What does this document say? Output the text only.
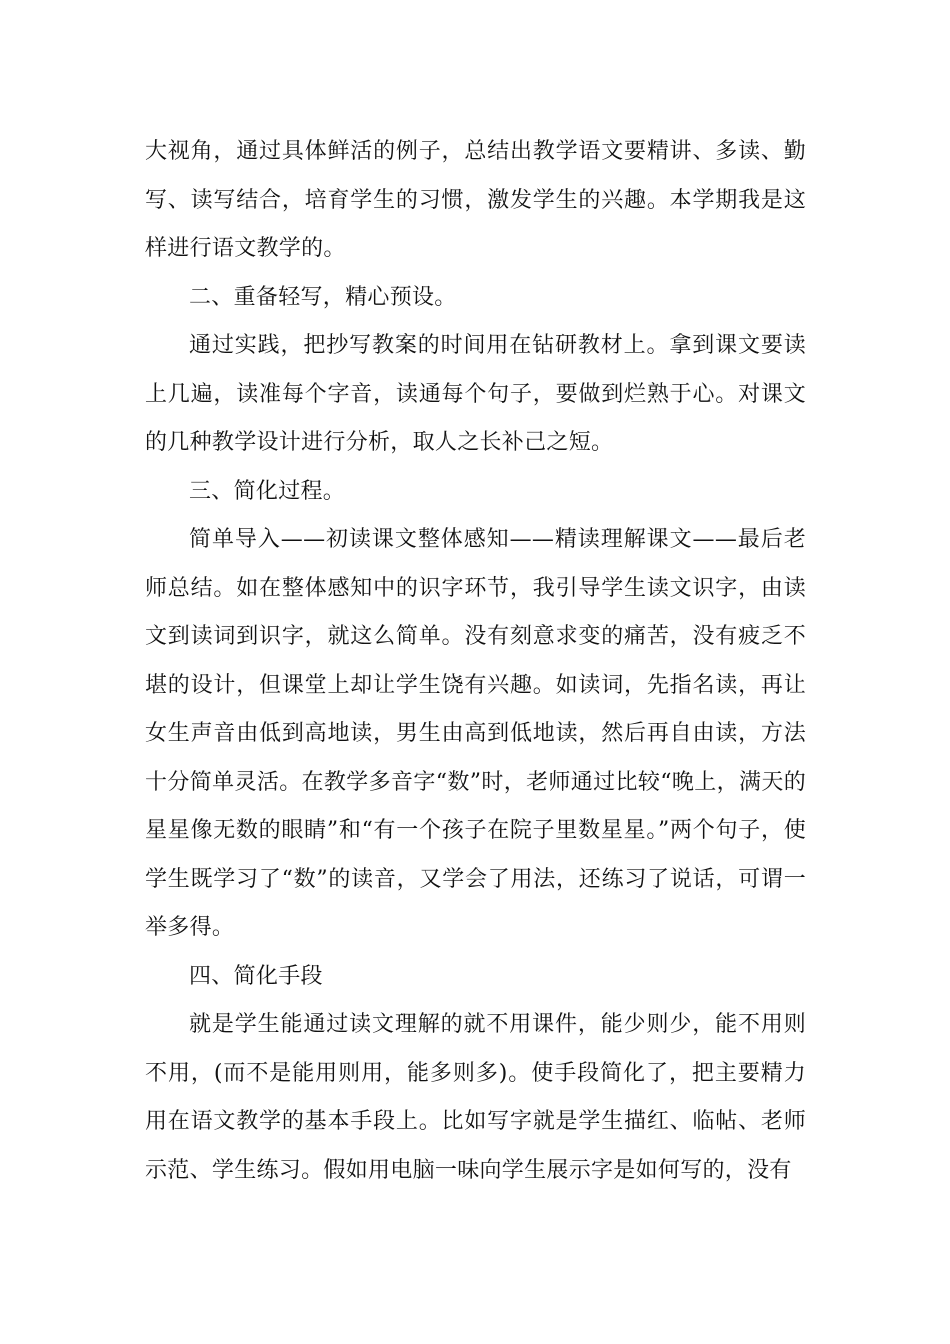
大视角，通过具体鲜活的例子，总结出教学语文要精讲、多读、勤写、读写结合，培育学生的习惯，激发学生的兴趣。本学期我是这样进行语文教学的。

二、重备轻写，精心预设。

通过实践，把抄写教案的时间用在钻研教材上。拿到课文要读上几遍，读准每个字音，读通每个句子，要做到烂熟于心。对课文的几种教学设计进行分析，取人之长补己之短。

三、简化过程。

简单导入——初读课文整体感知——精读理解课文——最后老师总结。如在整体感知中的识字环节，我引导学生读文识字，由读文到读词到识字，就这么简单。没有刻意求变的痛苦，没有疲乏不堪的设计，但课堂上却让学生饶有兴趣。如读词，先指名读，再让女生声音由低到高地读，男生由高到低地读，然后再自由读，方法十分简单灵活。在教学多音字“数”时，老师通过比较“晚上，满天的星星像无数的眼睛”和“有一个孩子在院子里数星星。”两个句子，使学生既学习了“数”的读音，又学会了用法，还练习了说话，可谓一举多得。

四、简化手段

就是学生能通过读文理解的就不用课件，能少则少，能不用则不用，(而不是能用则用，能多则多)。使手段简化了，把主要精力用在语文教学的基本手段上。比如写字就是学生描红、临帖、老师示范、学生练习。假如用电脑一味向学生展示字是如何写的，没有
